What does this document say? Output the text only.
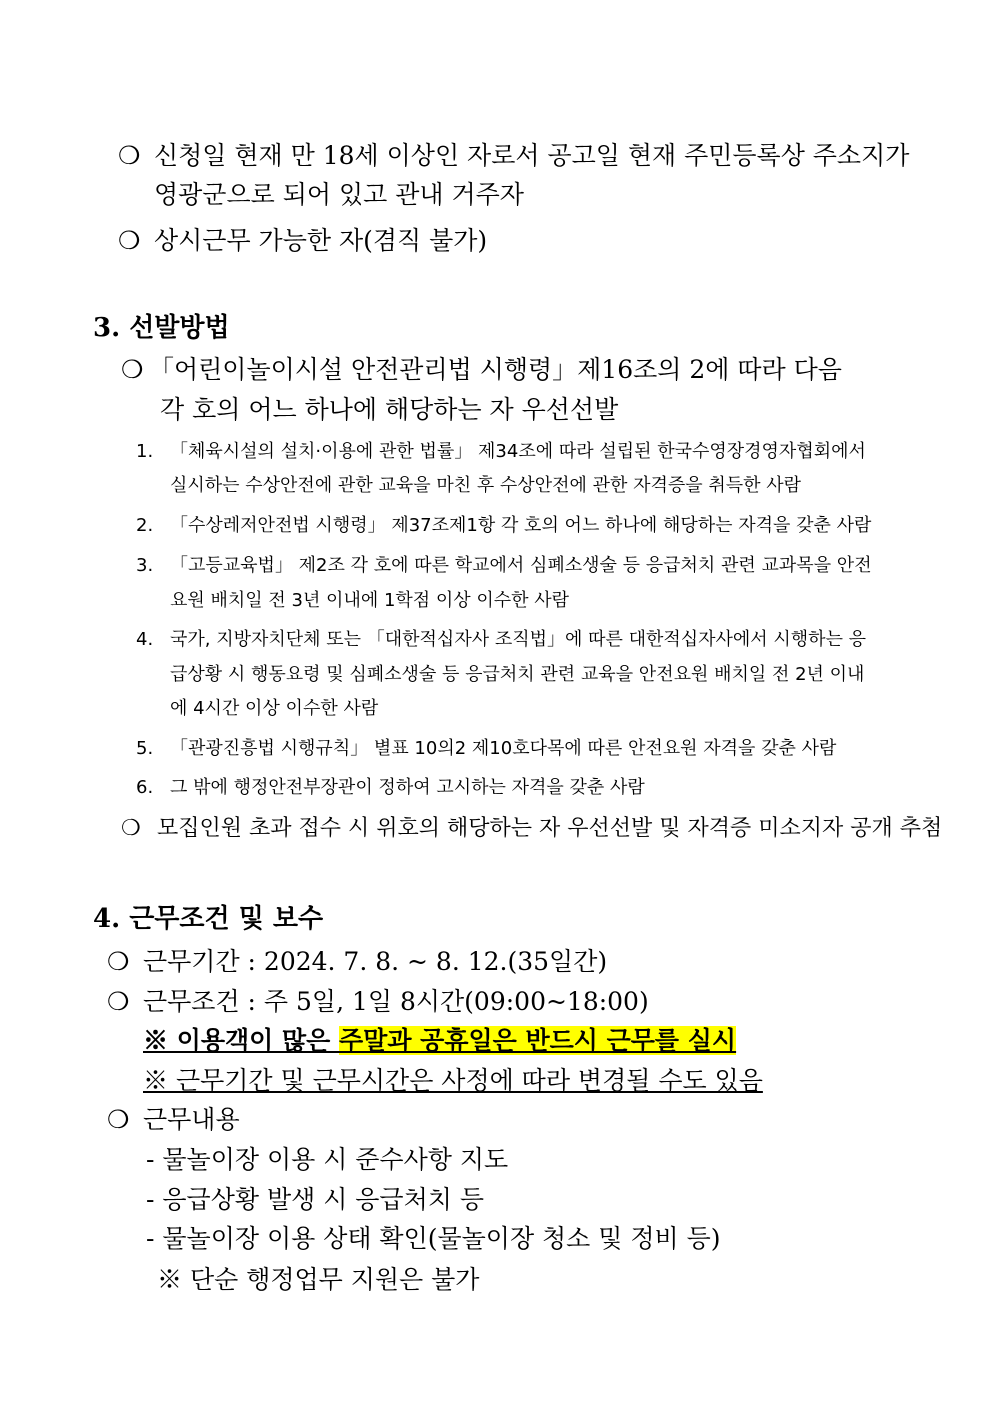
❍ 신청일 현재 만 18세 이상인 자로서 공고일 현재 주민등록상 주소지가
영광군으로 되어 있고 관내 거주자
❍ 상시근무 가능한 자(겸직 불가)
3. 선발방법
❍ 「어린이놀이시설 안전관리법 시행령」제16조의 2에 따라 다음
각 호의 어느 하나에 해당하는 자 우선선발
1. 「체육시설의 설치·이용에 관한 법률」 제34조에 따라 설립된 한국수영장경영자협회에서
실시하는 수상안전에 관한 교육을 마친 후 수상안전에 관한 자격증을 취득한 사람
2. 「수상레저안전법 시행령」 제37조제1항 각 호의 어느 하나에 해당하는 자격을 갖춘 사람
3. 「고등교육법」 제2조 각 호에 따른 학교에서 심폐소생술 등 응급처치 관련 교과목을 안전
요원 배치일 전 3년 이내에 1학점 이상 이수한 사람
4. 국가, 지방자치단체 또는 「대한적십자사 조직법」에 따른 대한적십자사에서 시행하는 응
급상황 시 행동요령 및 심폐소생술 등 응급처치 관련 교육을 안전요원 배치일 전 2년 이내
에 4시간 이상 이수한 사람
5. 「관광진흥법 시행규칙」 별표 10의2 제10호다목에 따른 안전요원 자격을 갖춘 사람
6. 그 밖에 행정안전부장관이 정하여 고시하는 자격을 갖춘 사람
❍ 모집인원 초과 접수 시 위호의 해당하는 자 우선선발 및 자격증 미소지자 공개 추첨
4. 근무조건 및 보수
❍ 근무기간 : 2024. 7. 8. ~ 8. 12.(35일간)
❍ 근무조건 : 주 5일, 1일 8시간(09:00~18:00)
※ 이용객이 많은 주말과 공휴일은 반드시 근무를 실시
※ 근무기간 및 근무시간은 사정에 따라 변경될 수도 있음
❍ 근무내용
- 물놀이장 이용 시 준수사항 지도
- 응급상황 발생 시 응급처치 등
- 물놀이장 이용 상태 확인(물놀이장 청소 및 정비 등)
※ 단순 행정업무 지원은 불가
